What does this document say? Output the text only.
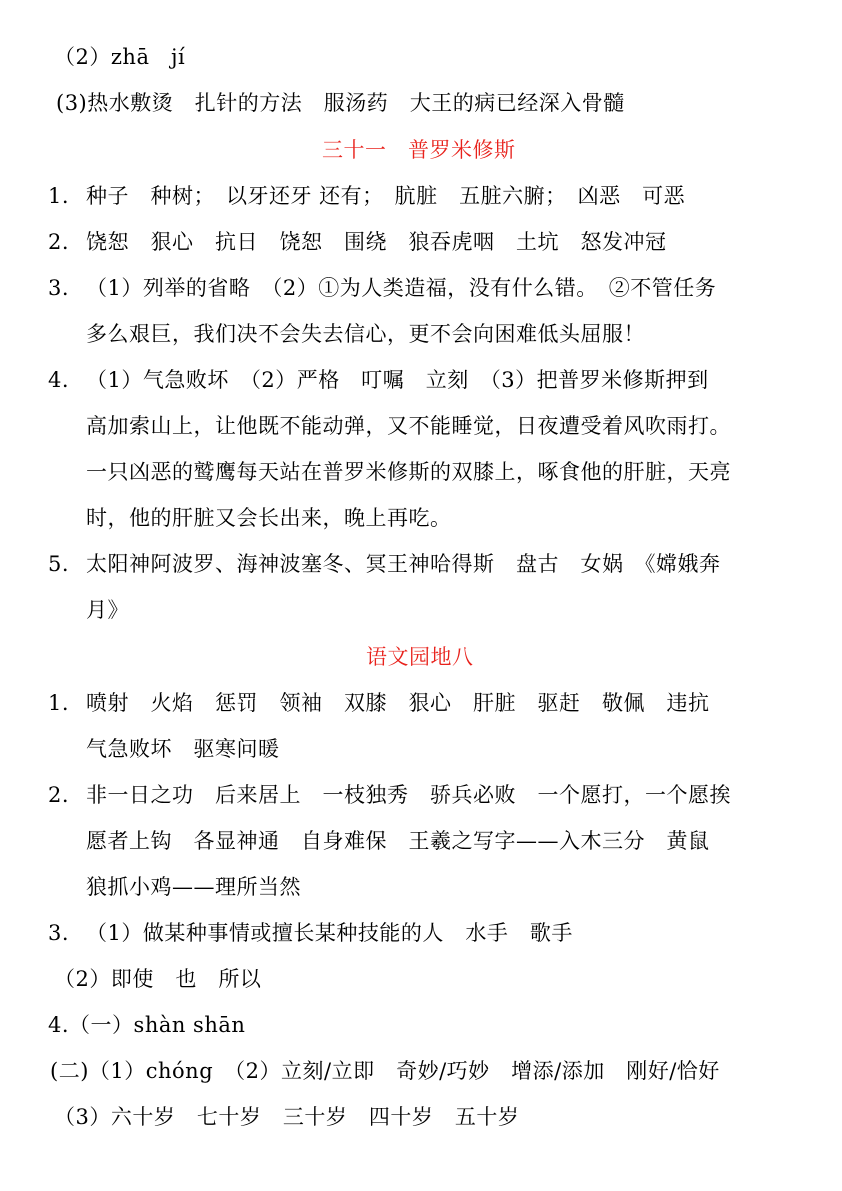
（2）zhā　jí
(3)热水敷烫　扎针的方法　服汤药　大王的病已经深入骨髓
三十一　普罗米修斯
1. 种子　种树；　以牙还牙 还有；　肮脏　五脏六腑；　凶恶　可恶
2. 饶恕　狠心　抗日　饶恕　围绕　狼吞虎咽　土坑　怒发冲冠
3. （1）列举的省略　（2）①为人类造福，没有什么错。　②不管任务
多么艰巨，我们决不会失去信心，更不会向困难低头屈服！
4. （1）气急败坏　（2）严格　叮嘱　立刻　（3）把普罗米修斯押到
高加索山上，让他既不能动弹，又不能睡觉，日夜遭受着风吹雨打。
一只凶恶的鹫鹰每天站在普罗米修斯的双膝上，啄食他的肝脏，天亮
时，他的肝脏又会长出来，晚上再吃。
5. 太阳神阿波罗、海神波塞冬、冥王神哈得斯　盘古　女娲　《嫦娥奔
月》
语文园地八
1. 喷射　火焰　惩罚　领袖　双膝　狠心　肝脏　驱赶　敬佩　违抗
气急败坏　驱寒问暖
2. 非一日之功　后来居上　一枝独秀　骄兵必败　一个愿打，一个愿挨
愿者上钩　各显神通　自身难保　王羲之写字——入木三分　黄鼠
狼抓小鸡——理所当然
3. （1）做某种事情或擅长某种技能的人　水手　歌手
（2）即使　也　所以
4.（一）shàn shān
(二)（1）chóng　（2）立刻/立即　奇妙/巧妙　增添/添加　刚好/恰好
（3）六十岁　七十岁　三十岁　四十岁　五十岁
